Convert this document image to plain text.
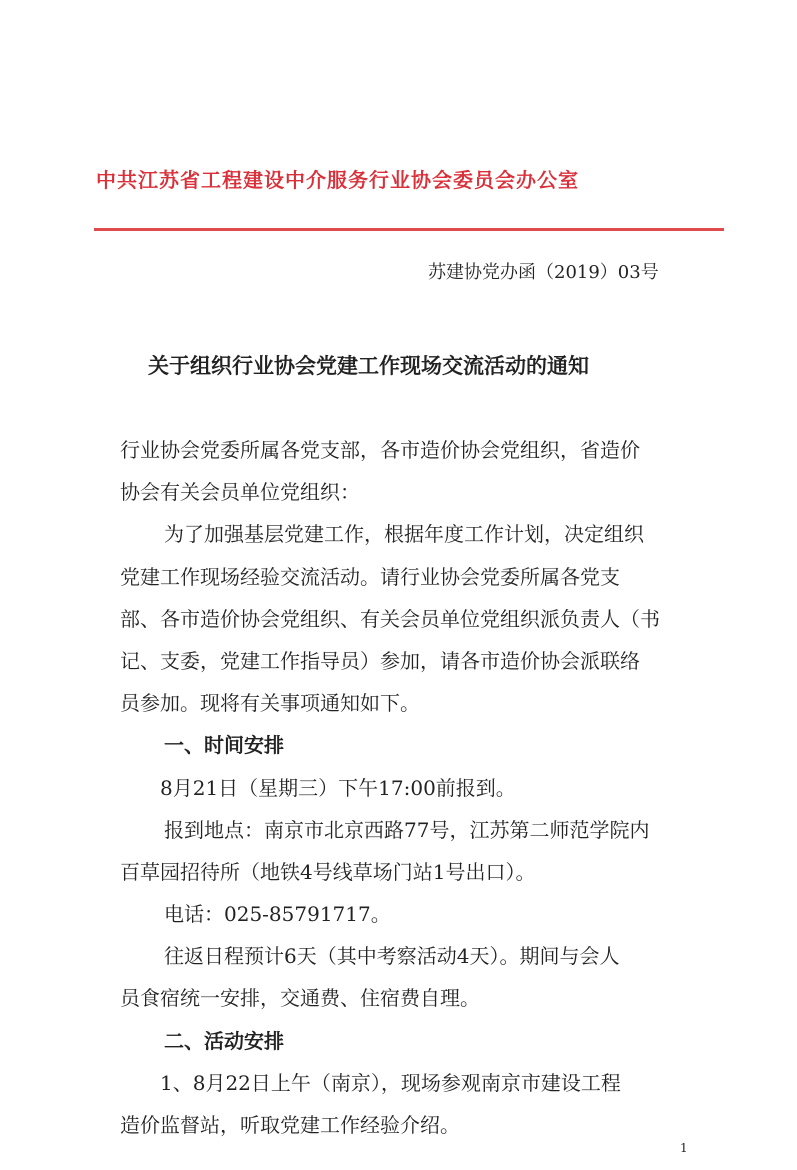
中共江苏省工程建设中介服务行业协会委员会办公室
苏建协党办函（2019）03号
关于组织行业协会党建工作现场交流活动的通知
行业协会党委所属各党支部，各市造价协会党组织，省造价
协会有关会员单位党组织：
为了加强基层党建工作，根据年度工作计划，决定组织
党建工作现场经验交流活动。请行业协会党委所属各党支
部、各市造价协会党组织、有关会员单位党组织派负责人（书
记、支委，党建工作指导员）参加，请各市造价协会派联络
员参加。现将有关事项通知如下。
一、时间安排
8月21日（星期三）下午17:00前报到。
报到地点：南京市北京西路77号，江苏第二师范学院内
百草园招待所（地铁4号线草场门站1号出口）。
电话：025-85791717。
往返日程预计6天（其中考察活动4天）。期间与会人
员食宿统一安排，交通费、住宿费自理。
二、活动安排
1、8月22日上午（南京），现场参观南京市建设工程
造价监督站，听取党建工作经验介绍。
1
